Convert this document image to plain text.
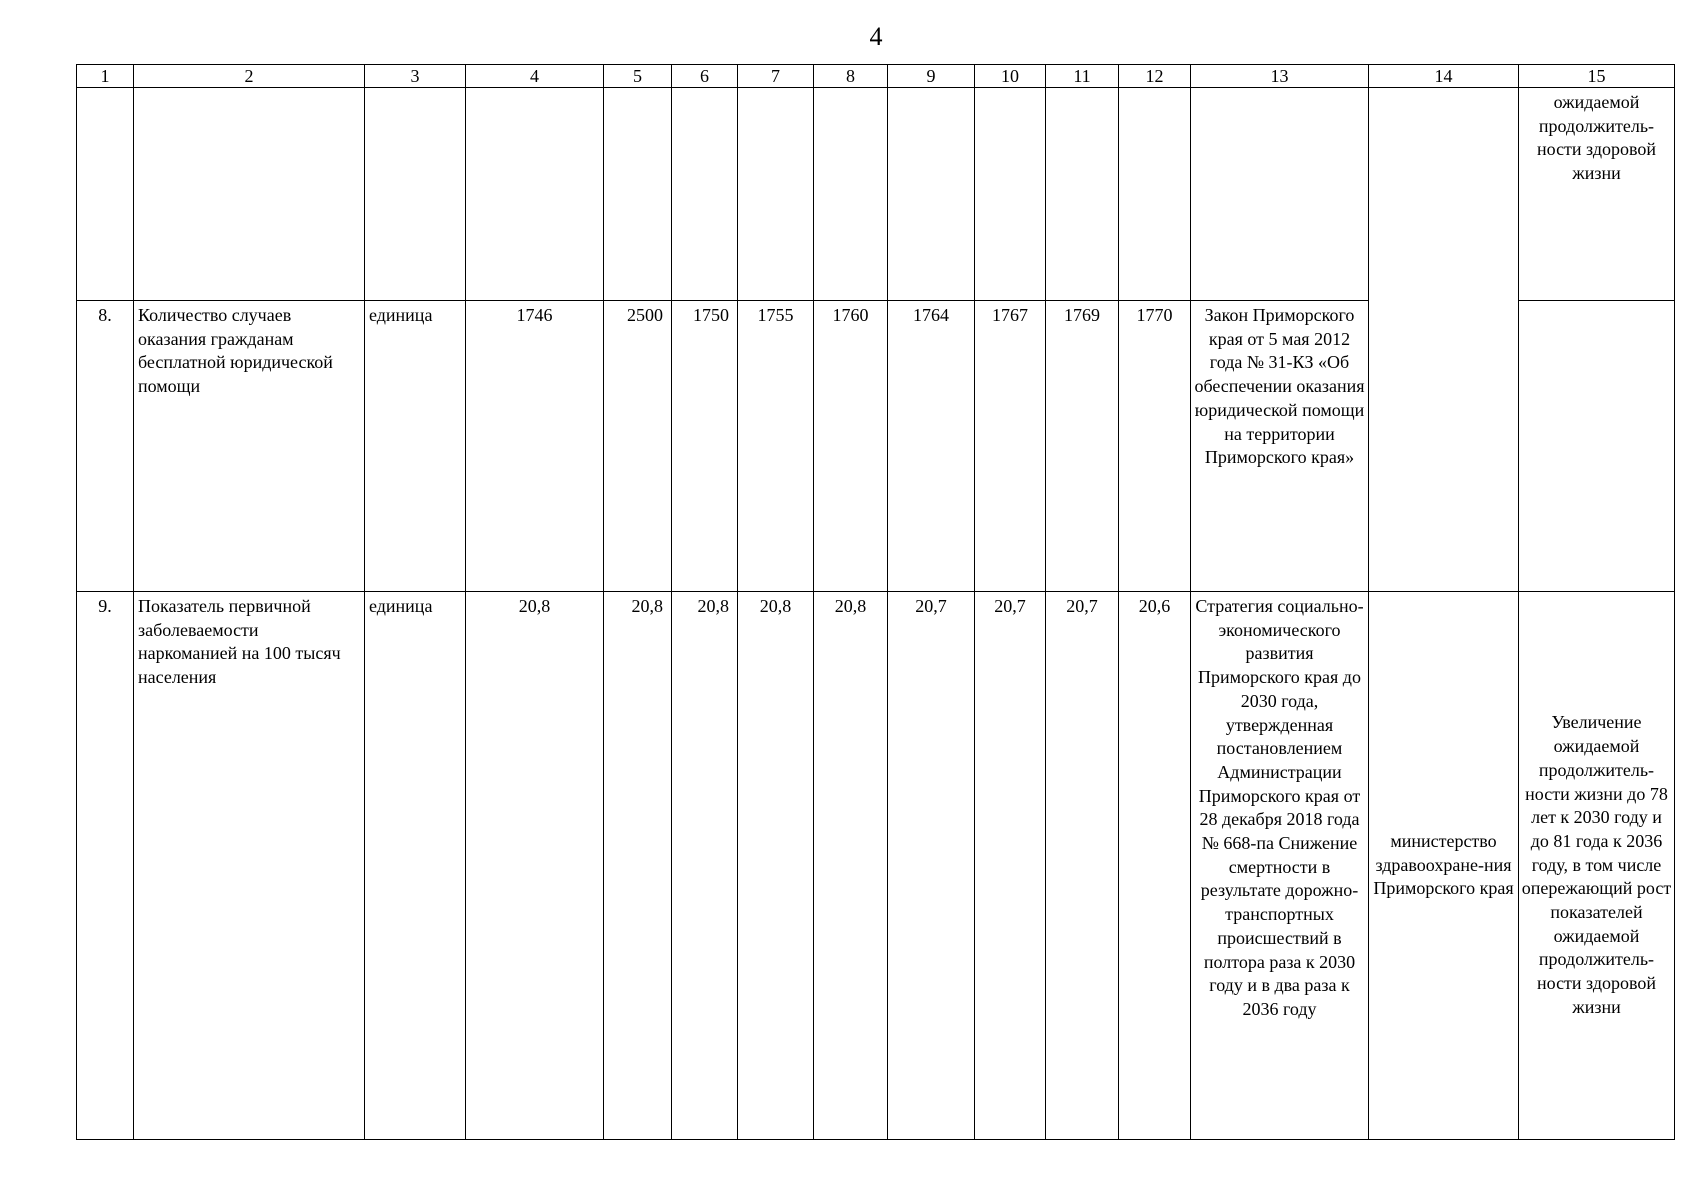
4
1	2	3	4	5	6	7	8	9	10	11	12	13	14	15
														ожидаемой продолжитель-ности здоровой жизни
8.	Количество случаев оказания гражданам бесплатной юридической помощи	единица	1746	2500	1750	1755	1760	1764	1767	1769	1770	Закон Приморского края от 5 мая 2012 года № 31-КЗ «Об обеспечении оказания юридической помощи на территории Приморского края»		
9.	Показатель первичной заболеваемости наркоманией на 100 тысяч населения	единица	20,8	20,8	20,8	20,8	20,8	20,7	20,7	20,7	20,6	Стратегия социально-экономического развития Приморского края до 2030 года, утвержденная постановлением Администрации Приморского края от 28 декабря 2018 года № 668-па Снижение смертности в результате дорожно-транспортных происшествий в полтора раза к 2030 году и в два раза к 2036 году	министерство здравоохране-ния Приморского края	Увеличение ожидаемой продолжитель-ности жизни до 78 лет к 2030 году и до 81 года к 2036 году, в том числе опережающий рост показателей ожидаемой продолжитель-ности здоровой жизни
